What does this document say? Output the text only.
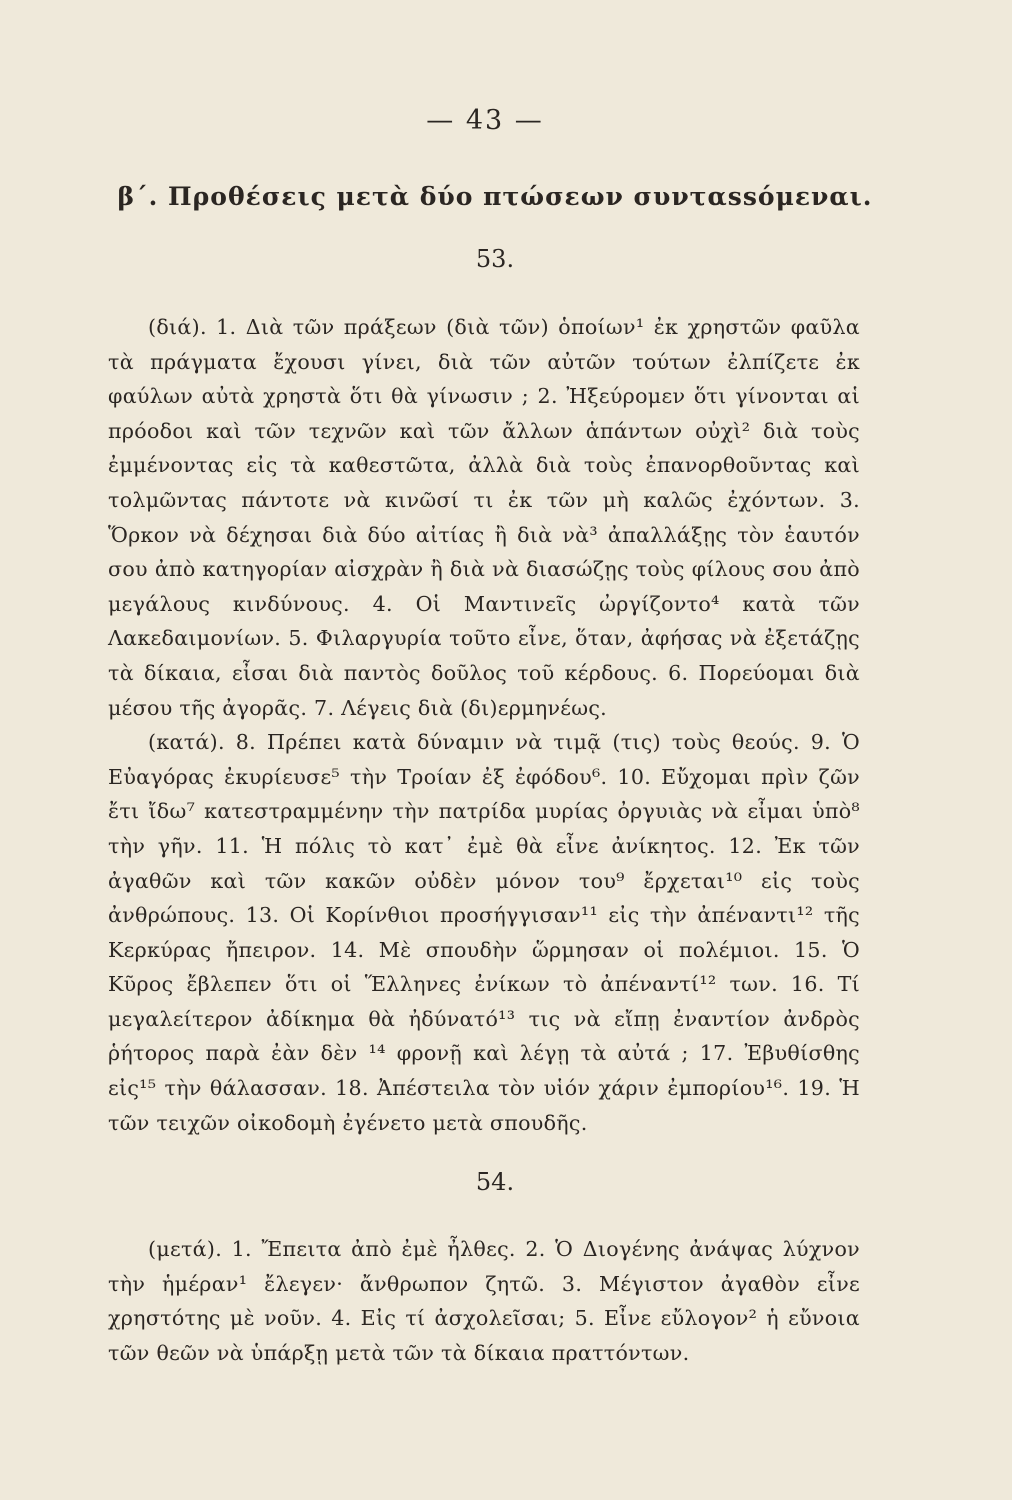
— 43 —
β΄. Προθέσεις μετὰ δύο πτώσεων συνταssόμεναι.
53.

(διά). 1. Διὰ τῶν πράξεων (διὰ τῶν) ὁποίων¹ ἐκ χρηστῶν φαῦλα τὰ πράγματα ἔχουσι γίνει, διὰ τῶν αὐτῶν τούτων ἐλπίζετε ἐκ φαύλων αὐτὰ χρηστὰ ὅτι θὰ γίνωσιν ; 2. Ἠξεύρομεν ὅτι γίνονται αἱ πρόοδοι καὶ τῶν τεχνῶν καὶ τῶν ἄλλων ἁπάντων οὐχὶ² διὰ τοὺς ἐμμένοντας εἰς τὰ καθεστῶτα, ἀλλὰ διὰ τοὺς ἐπανορθοῦντας καὶ τολμῶντας πάντοτε νὰ κινῶσί τι ἐκ τῶν μὴ καλῶς ἐχόντων. 3. Ὅρκον νὰ δέχησαι διὰ δύο αἰτίας ἢ διὰ νὰ³ ἀπαλλάξῃς τὸν ἑαυτόν σου ἀπὸ κατηγορίαν αἰσχρὰν ἢ διὰ νὰ διασώζῃς τοὺς φίλους σου ἀπὸ μεγάλους κινδύνους. 4. Οἱ Μαντινεῖς ὠργίζοντο⁴ κατὰ τῶν Λακεδαιμονίων. 5. Φιλαργυρία τοῦτο εἶνε, ὅταν, ἀφήσας νὰ ἐξετάζῃς τὰ δίκαια, εἶσαι διὰ παντὸς δοῦλος τοῦ κέρδους. 6. Πορεύομαι διὰ μέσου τῆς ἀγορᾶς. 7. Λέγεις διὰ (δι)ερμηνέως.

(κατά). 8. Πρέπει κατὰ δύναμιν νὰ τιμᾷ (τις) τοὺς θεούς. 9. Ὁ Εὐαγόρας ἐκυρίευσε⁵ τὴν Τροίαν ἐξ ἐφόδου⁶. 10. Εὔχομαι πρὶν ζῶν ἔτι ἴδω⁷ κατεστραμμένην τὴν πατρίδα μυρίας ὀργυιὰς νὰ εἶμαι ὑπὸ⁸ τὴν γῆν. 11. Ἡ πόλις τὸ κατ᾽ ἐμὲ θὰ εἶνε ἀνίκητος. 12. Ἐκ τῶν ἀγαθῶν καὶ τῶν κακῶν οὐδὲν μόνον του⁹ ἔρχεται¹⁰ εἰς τοὺς ἀνθρώπους. 13. Οἱ Κορίνθιοι προσήγγισαν¹¹ εἰς τὴν ἀπέναντι¹² τῆς Κερκύρας ἤπειρον. 14. Μὲ σπουδὴν ὥρμησαν οἱ πολέμιοι. 15. Ὁ Κῦρος ἔβλεπεν ὅτι οἱ Ἕλληνες ἐνίκων τὸ ἀπέναντί¹² των. 16. Τί μεγαλείτερον ἀδίκημα θὰ ἠδύνατό¹³ τις νὰ εἴπῃ ἐναντίον ἀνδρὸς ῥήτορος παρὰ ἐὰν δὲν ¹⁴ φρονῇ καὶ λέγῃ τὰ αὐτά ; 17. Ἐβυθίσθης εἰς¹⁵ τὴν θάλασσαν. 18. Ἀπέστειλα τὸν υἱόν χάριν ἐμπορίου¹⁶. 19. Ἡ τῶν τειχῶν οἰκοδομὴ ἐγένετο μετὰ σπουδῆς.

54.

(μετά). 1. Ἔπειτα ἀπὸ ἐμὲ ἦλθες. 2. Ὁ Διογένης ἀνάψας λύχνον τὴν ἡμέραν¹ ἔλεγεν· ἄνθρωπον ζητῶ. 3. Μέγιστον ἀγαθὸν εἶνε χρηστότης μὲ νοῦν. 4. Εἰς τί ἀσχολεῖσαι; 5. Εἶνε εὔλογον² ἡ εὔνοια τῶν θεῶν νὰ ὑπάρξῃ μετὰ τῶν τὰ δίκαια πραττόντων.
